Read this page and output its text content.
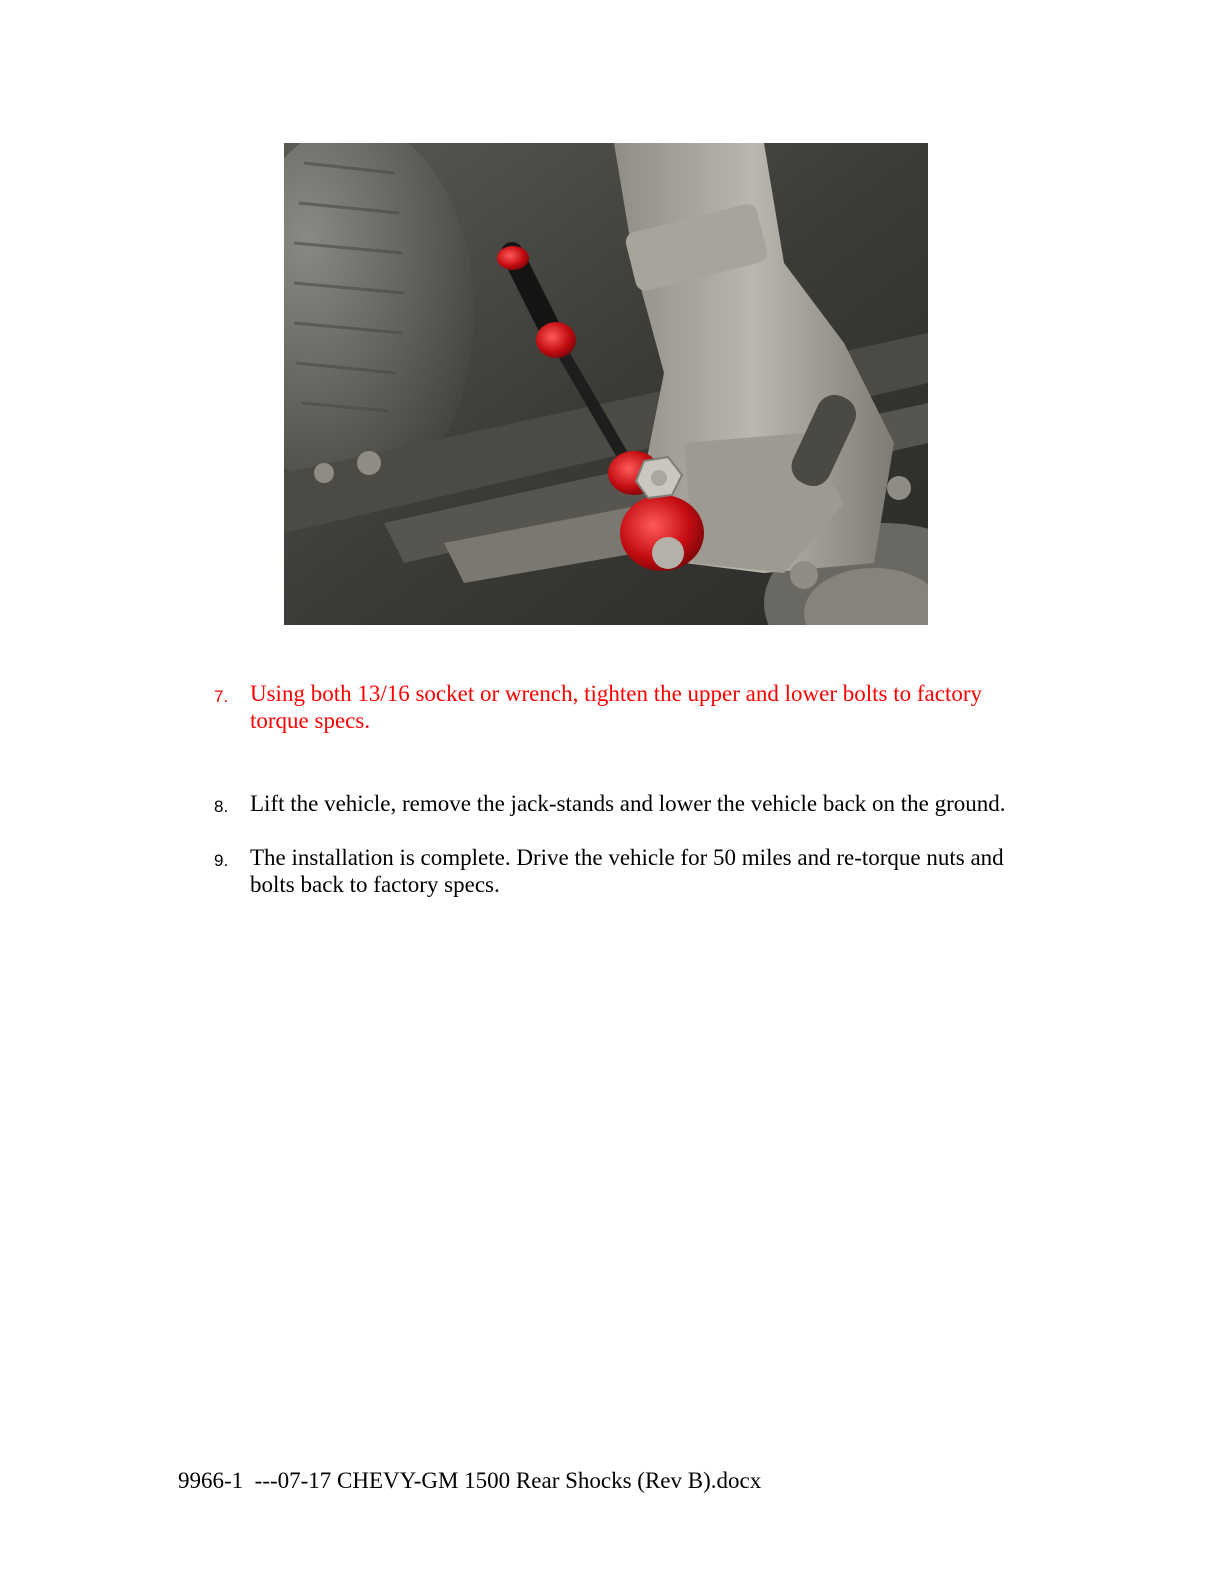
7. Using both 13/16 socket or wrench, tighten the upper and lower bolts to factory torque specs.
8. Lift the vehicle, remove the jack-stands and lower the vehicle back on the ground.
9. The installation is complete. Drive the vehicle for 50 miles and re-torque nuts and bolts back to factory specs.
9966-1  ---07-17 CHEVY-GM 1500 Rear Shocks (Rev B).docx
